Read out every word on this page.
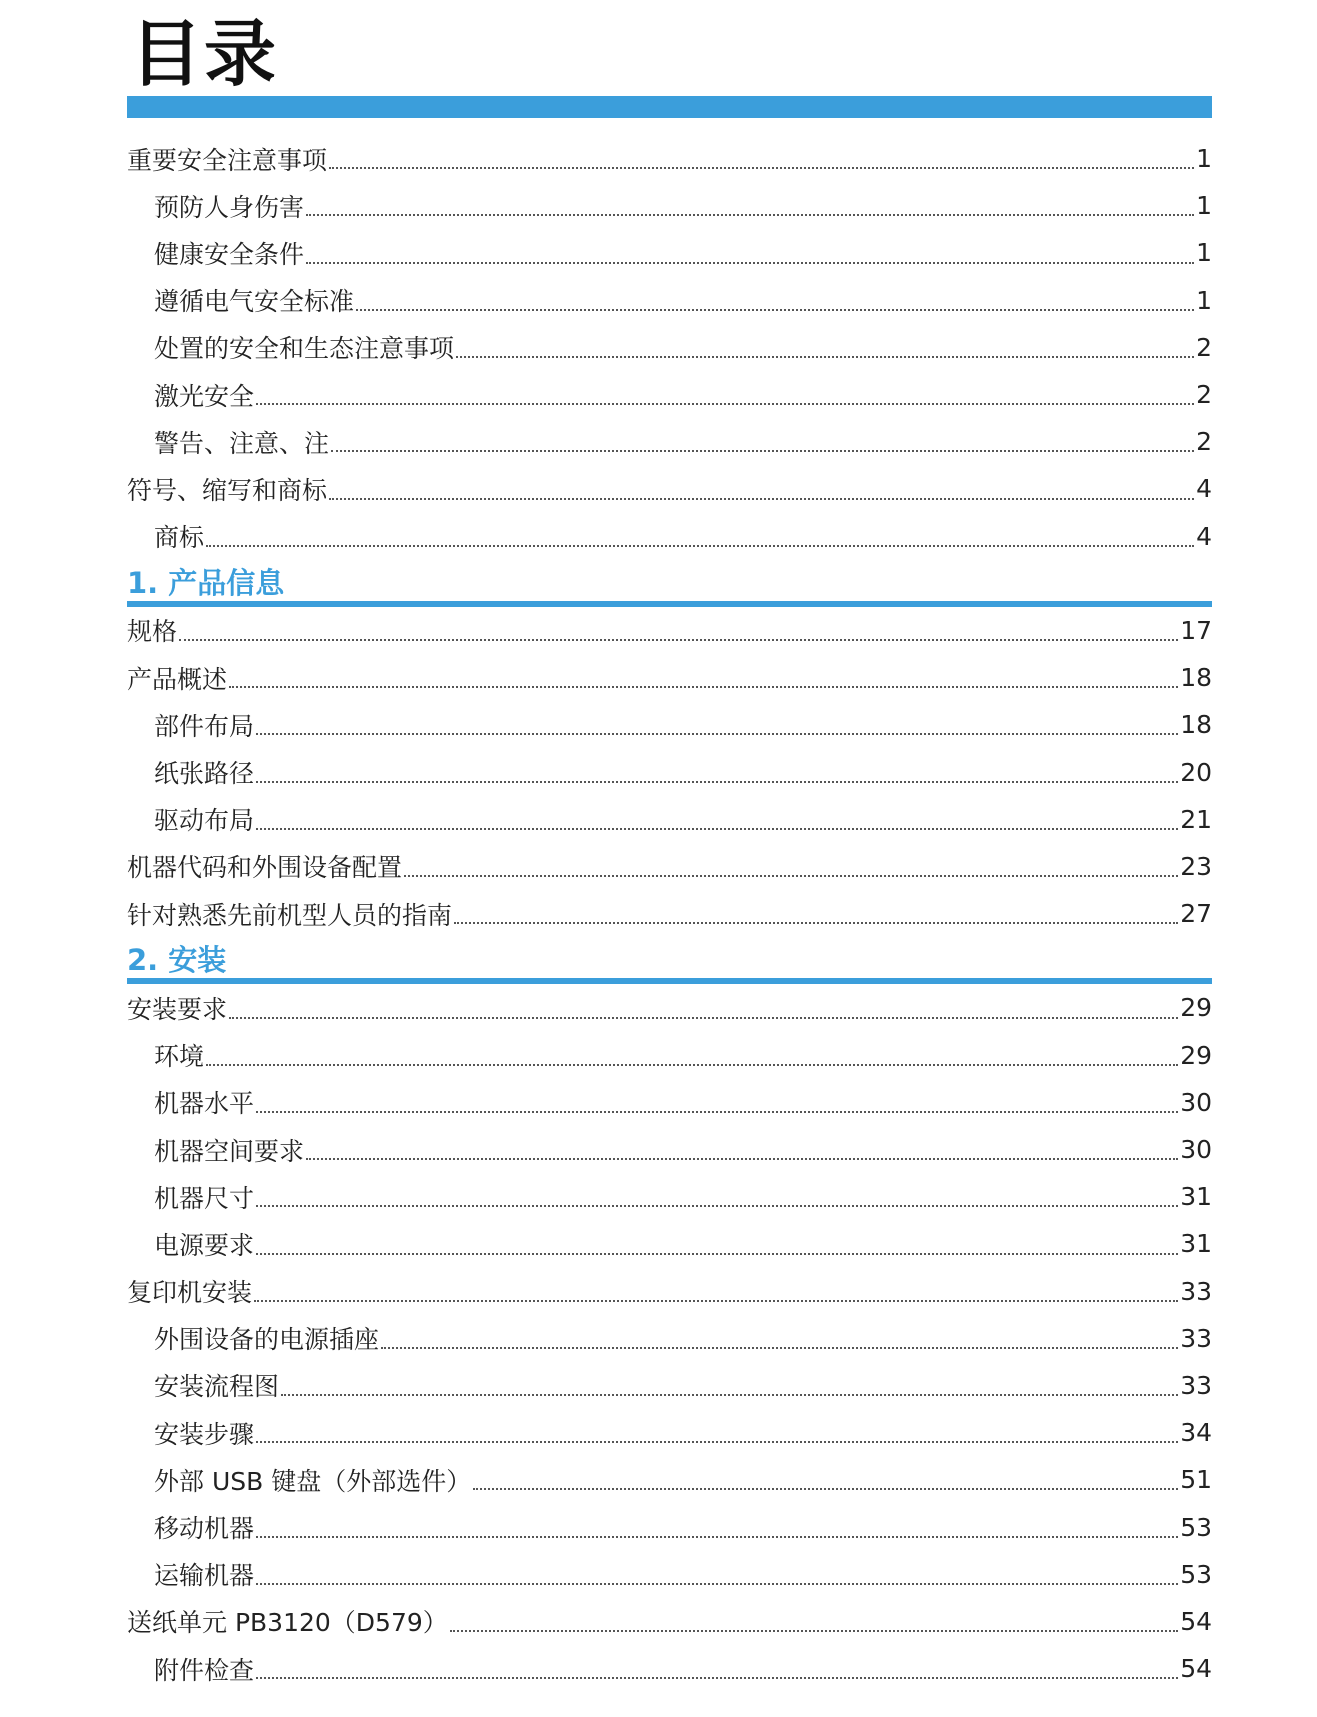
目录
重要安全注意事项	1
预防人身伤害	1
健康安全条件	1
遵循电气安全标准	1
处置的安全和生态注意事项	2
激光安全	2
警告、注意、注	2
符号、缩写和商标	4
商标	4
1. 产品信息
规格	17
产品概述	18
部件布局	18
纸张路径	20
驱动布局	21
机器代码和外围设备配置	23
针对熟悉先前机型人员的指南	27
2. 安装
安装要求	29
环境	29
机器水平	30
机器空间要求	30
机器尺寸	31
电源要求	31
复印机安装	33
外围设备的电源插座	33
安装流程图	33
安装步骤	34
外部 USB 键盘（外部选件）	51
移动机器	53
运输机器	53
送纸单元 PB3120（D579）	54
附件检查	54
